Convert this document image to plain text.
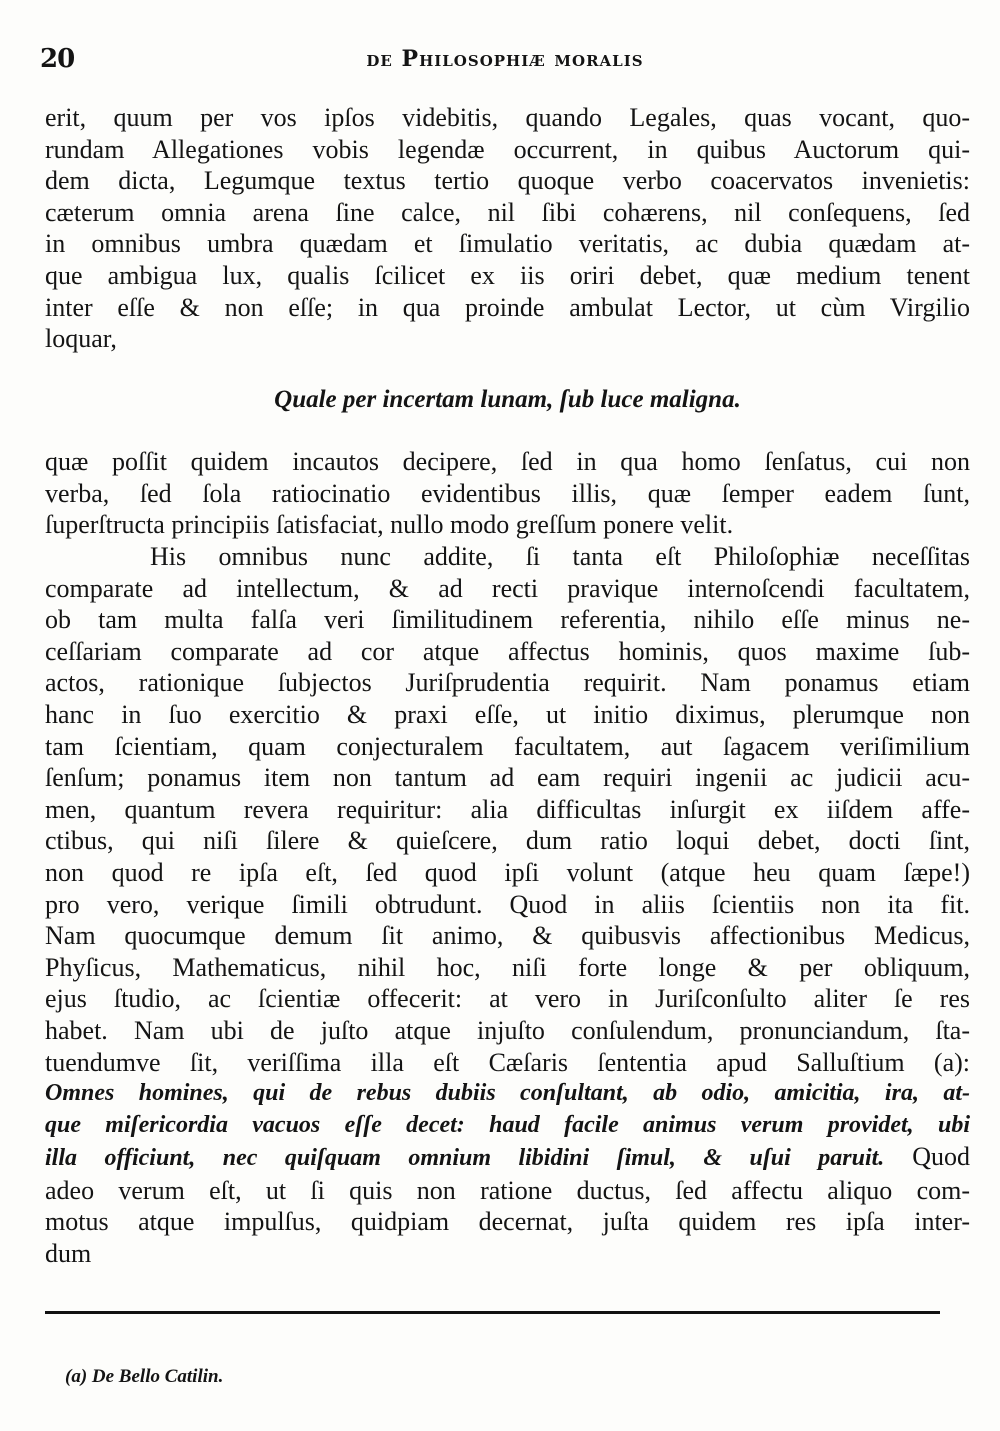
20	de Philosophiæ moralis

erit, quum per vos ipſos videbitis, quando Legales, quas vocant, quo-
rundam Allegationes vobis legendæ occurrent, in quibus Auctorum qui-
dem dicta, Legumque textus tertio quoque verbo coacervatos invenietis:
cæterum omnia arena ſine calce, nil ſibi cohærens, nil conſequens, ſed
in omnibus umbra quædam et ſimulatio veritatis, ac dubia quædam at-
que ambigua lux, qualis ſcilicet ex iis oriri debet, quæ medium tenent
inter eſſe & non eſſe; in qua proinde ambulat Lector, ut cùm Virgilio
loquar,

Quale per incertam lunam, ſub luce maligna.

quæ poſſit quidem incautos decipere, ſed in qua homo ſenſatus, cui non
verba, ſed ſola ratiocinatio evidentibus illis, quæ ſemper eadem ſunt,
ſuperſtructa principiis ſatisfaciat, nullo modo greſſum ponere velit.

His omnibus nunc addite, ſi tanta eſt Philoſophiæ neceſſitas
comparate ad intellectum, & ad recti pravique internoſcendi facultatem,
ob tam multa falſa veri ſimilitudinem referentia, nihilo eſſe minus ne-
ceſſariam comparate ad cor atque affectus hominis, quos maxime ſub-
actos, rationique ſubjectos Juriſprudentia requirit. Nam ponamus etiam
hanc in ſuo exercitio & praxi eſſe, ut initio diximus, plerumque non
tam ſcientiam, quam conjecturalem facultatem, aut ſagacem veriſimilium
ſenſum; ponamus item non tantum ad eam requiri ingenii ac judicii acu-
men, quantum revera requiritur: alia difficultas inſurgit ex iiſdem affe-
ctibus, qui niſi ſilere & quieſcere, dum ratio loqui debet, docti ſint,
non quod re ipſa eſt, ſed quod ipſi volunt (atque heu quam ſæpe!)
pro vero, verique ſimili obtrudunt. Quod in aliis ſcientiis non ita fit.
Nam quocumque demum ſit animo, & quibusvis affectionibus Medicus,
Phyſicus, Mathematicus, nihil hoc, niſi forte longe & per obliquum,
ejus ſtudio, ac ſcientiæ offecerit: at vero in Juriſconſulto aliter ſe res
habet. Nam ubi de juſto atque injuſto conſulendum, pronunciandum, ſta-
tuendumve ſit, veriſſima illa eſt Cæſaris ſententia apud Salluſtium (a):
Omnes homines, qui de rebus dubiis conſultant, ab odio, amicitia, ira, at-
que miſericordia vacuos eſſe decet: haud facile animus verum providet, ubi
illa officiunt, nec quiſquam omnium libidini ſimul, & uſui paruit. Quod
adeo verum eſt, ut ſi quis non ratione ductus, ſed affectu aliquo com-
motus atque impulſus, quidpiam decernat, juſta quidem res ipſa inter-
dum

(a) De Bello Catilin.
